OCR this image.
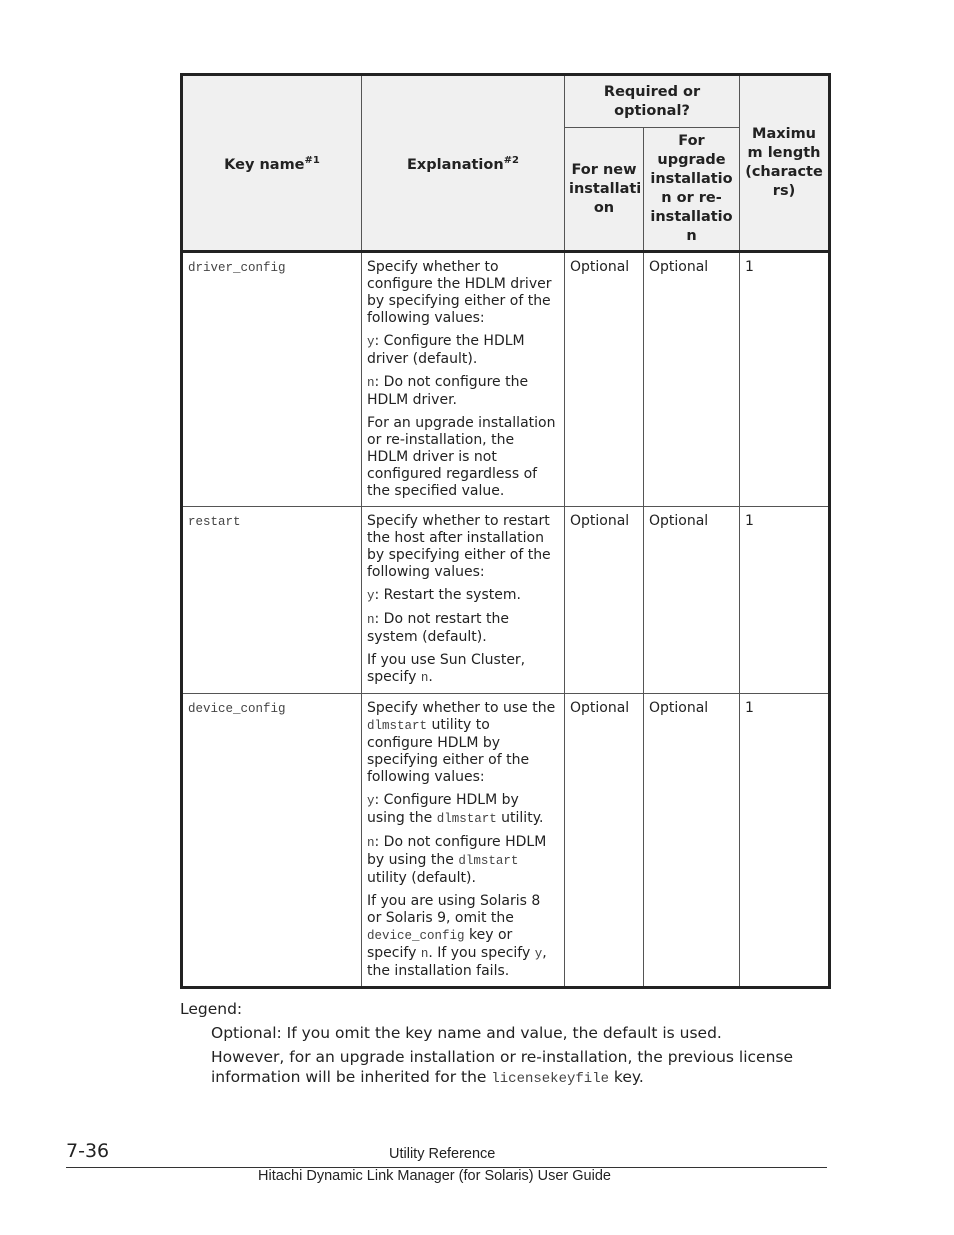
Key name$^{\#1}$	Explanation$^{\#2}$	Required or optional?		Maximu m length (characte rs)
		For new installati on	For upgrade installatio n or re-installatio n	
driver_config	Specify whether to configure the HDLM driver by specifying either of the following values:
y: Configure the HDLM driver (default).
n: Do not configure the HDLM driver.
For an upgrade installation or re-installation, the HDLM driver is not configured regardless of the specified value.	Optional	Optional	1
restart	Specify whether to restart the host after installation by specifying either of the following values:
y: Restart the system.
n: Do not restart the system (default).
If you use Sun Cluster, specify n.	Optional	Optional	1
device_config	Specify whether to use the dlmstart utility to configure HDLM by specifying either of the following values:
y: Configure HDLM by using the dlmstart utility.
n: Do not configure HDLM by using the dlmstart utility (default).
If you are using Solaris 8 or Solaris 9, omit the device_config key or specify n. If you specify y, the installation fails.	Optional	Optional	1
Legend:
Optional: If you omit the key name and value, the default is used.
However, for an upgrade installation or re-installation, the previous license information will be inherited for the licensekeyfile key.
7-36	Utility Reference
Hitachi Dynamic Link Manager (for Solaris) User Guide
